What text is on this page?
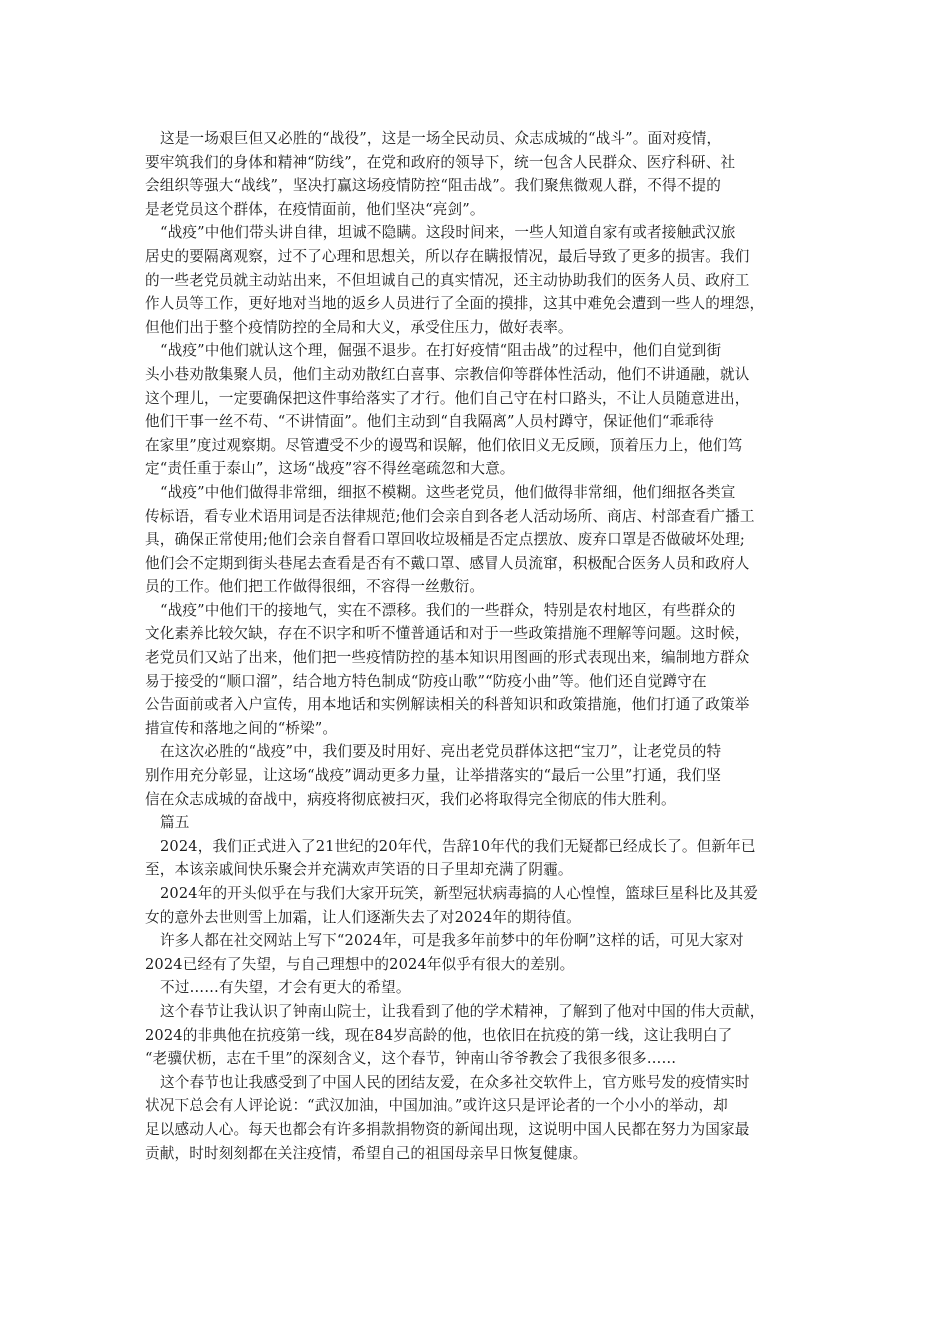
这是一场艰巨但又必胜的“战役”，这是一场全民动员、众志成城的“战斗”。面对疫情，
要牢筑我们的身体和精神“防线”，在党和政府的领导下，统一包含人民群众、医疗科研、社
会组织等强大“战线”，坚决打赢这场疫情防控“阻击战”。我们聚焦微观人群，不得不提的
是老党员这个群体，在疫情面前，他们坚决“亮剑”。

“战疫”中他们带头讲自律，坦诚不隐瞒。这段时间来，一些人知道自家有或者接触武汉旅
居史的要隔离观察，过不了心理和思想关，所以存在瞒报情况，最后导致了更多的损害。我们
的一些老党员就主动站出来，不但坦诚自己的真实情况，还主动协助我们的医务人员、政府工
作人员等工作，更好地对当地的返乡人员进行了全面的摸排，这其中难免会遭到一些人的埋怨，
但他们出于整个疫情防控的全局和大义，承受住压力，做好表率。

“战疫”中他们就认这个理，倔强不退步。在打好疫情“阻击战”的过程中，他们自觉到街
头小巷劝散集聚人员，他们主动劝散红白喜事、宗教信仰等群体性活动，他们不讲通融，就认
这个理儿，一定要确保把这件事给落实了才行。他们自己守在村口路头，不让人员随意进出，
他们干事一丝不苟、“不讲情面”。他们主动到“自我隔离”人员村蹲守，保证他们“乖乖待
在家里”度过观察期。尽管遭受不少的谩骂和误解，他们依旧义无反顾，顶着压力上，他们笃
定“责任重于泰山”，这场“战疫”容不得丝毫疏忽和大意。

“战疫”中他们做得非常细，细抠不模糊。这些老党员，他们做得非常细，他们细抠各类宣
传标语，看专业术语用词是否法律规范;他们会亲自到各老人活动场所、商店、村部查看广播工
具，确保正常使用;他们会亲自督看口罩回收垃圾桶是否定点摆放、废弃口罩是否做破坏处理;
他们会不定期到街头巷尾去查看是否有不戴口罩、感冒人员流窜，积极配合医务人员和政府人
员的工作。他们把工作做得很细，不容得一丝敷衍。

“战疫”中他们干的接地气，实在不漂移。我们的一些群众，特别是农村地区，有些群众的
文化素养比较欠缺，存在不识字和听不懂普通话和对于一些政策措施不理解等问题。这时候，
老党员们又站了出来，他们把一些疫情防控的基本知识用图画的形式表现出来，编制地方群众
易于接受的“顺口溜”，结合地方特色制成“防疫山歌”“防疫小曲”等。他们还自觉蹲守在
公告面前或者入户宣传，用本地话和实例解读相关的科普知识和政策措施，他们打通了政策举
措宣传和落地之间的“桥梁”。

在这次必胜的“战疫”中，我们要及时用好、亮出老党员群体这把“宝刀”，让老党员的特
别作用充分彰显，让这场“战疫”调动更多力量，让举措落实的“最后一公里”打通，我们坚
信在众志成城的奋战中，病疫将彻底被扫灭，我们必将取得完全彻底的伟大胜利。

篇五

2024，我们正式进入了21世纪的20年代，告辞10年代的我们无疑都已经成长了。但新年已
至，本该亲戚间快乐聚会并充满欢声笑语的日子里却充满了阴霾。

2024年的开头似乎在与我们大家开玩笑，新型冠状病毒搞的人心惶惶，篮球巨星科比及其爱
女的意外去世则雪上加霜，让人们逐渐失去了对2024年的期待值。

许多人都在社交网站上写下“2024年，可是我多年前梦中的年份啊”这样的话，可见大家对
2024已经有了失望，与自己理想中的2024年似乎有很大的差别。

不过……有失望，才会有更大的希望。

这个春节让我认识了钟南山院士，让我看到了他的学术精神，了解到了他对中国的伟大贡献，
2024的非典他在抗疫第一线，现在84岁高龄的他，也依旧在抗疫的第一线，这让我明白了
“老骥伏枥，志在千里”的深刻含义，这个春节，钟南山爷爷教会了我很多很多……

这个春节也让我感受到了中国人民的团结友爱，在众多社交软件上，官方账号发的疫情实时
状况下总会有人评论说：“武汉加油，中国加油。”或许这只是评论者的一个小小的举动，却
足以感动人心。每天也都会有许多捐款捐物资的新闻出现，这说明中国人民都在努力为国家最
贡献，时时刻刻都在关注疫情，希望自己的祖国母亲早日恢复健康。
